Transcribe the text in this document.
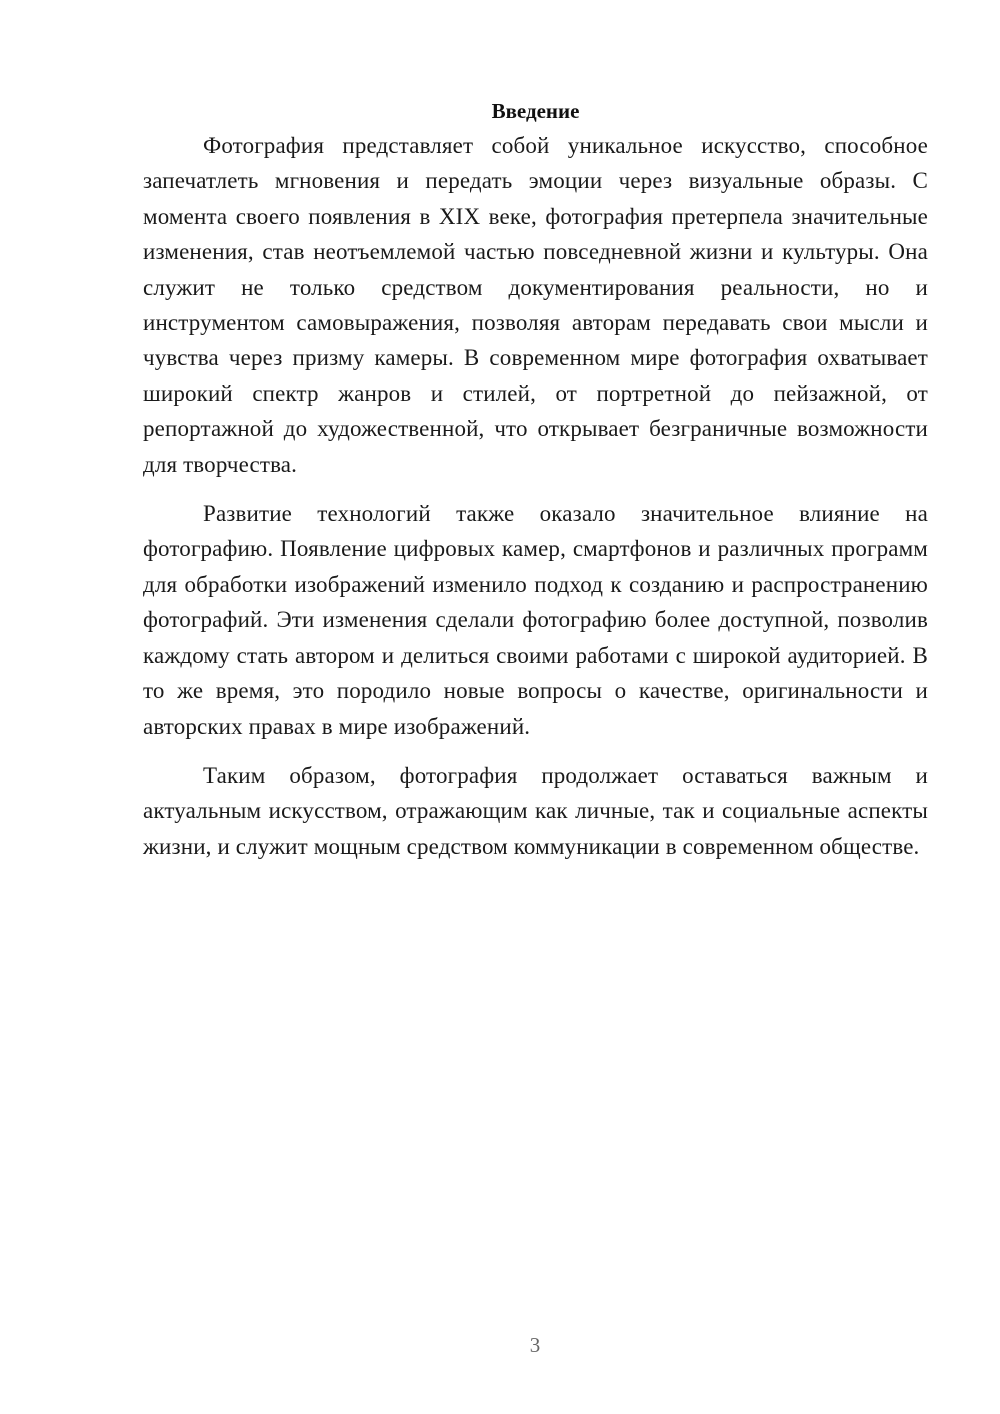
Введение

Фотография представляет собой уникальное искусство, способное запечатлеть мгновения и передать эмоции через визуальные образы. С момента своего появления в XIX веке, фотография претерпела значительные изменения, став неотъемлемой частью повседневной жизни и культуры. Она служит не только средством документирования реальности, но и инструментом самовыражения, позволяя авторам передавать свои мысли и чувства через призму камеры. В современном мире фотография охватывает широкий спектр жанров и стилей, от портретной до пейзажной, от репортажной до художественной, что открывает безграничные возможности для творчества.

Развитие технологий также оказало значительное влияние на фотографию. Появление цифровых камер, смартфонов и различных программ для обработки изображений изменило подход к созданию и распространению фотографий. Эти изменения сделали фотографию более доступной, позволив каждому стать автором и делиться своими работами с широкой аудиторией. В то же время, это породило новые вопросы о качестве, оригинальности и авторских правах в мире изображений.

Таким образом, фотография продолжает оставаться важным и актуальным искусством, отражающим как личные, так и социальные аспекты жизни, и служит мощным средством коммуникации в современном обществе.

3
